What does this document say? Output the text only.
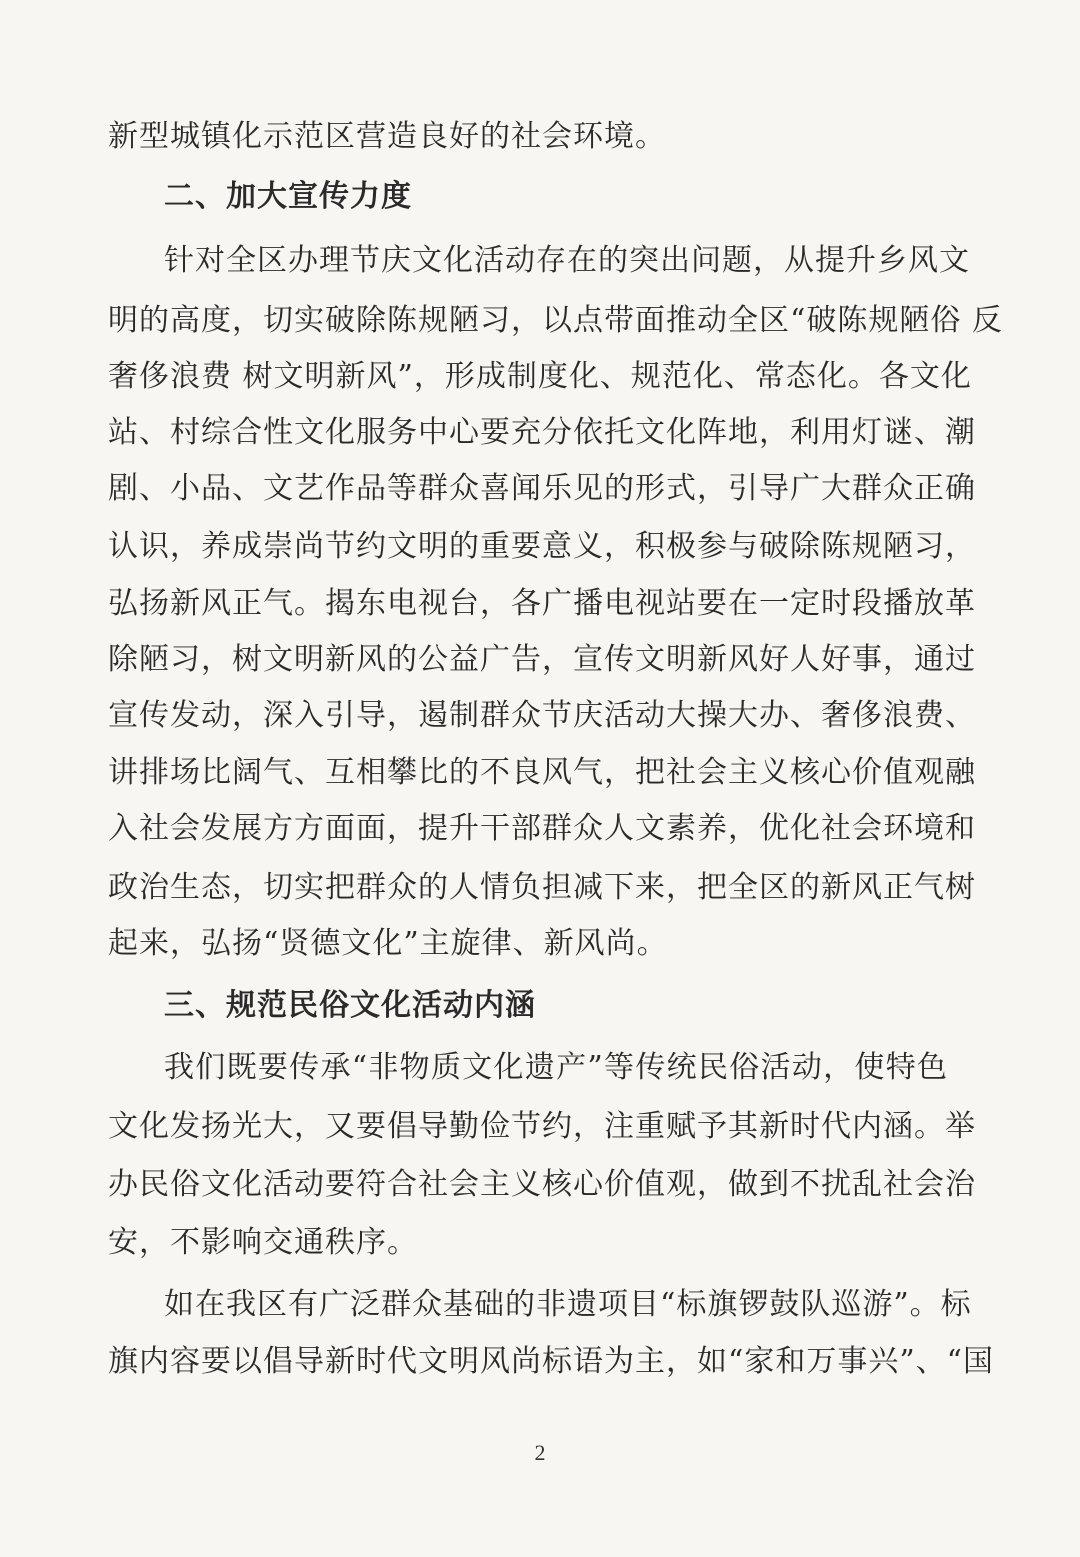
新型城镇化示范区营造良好的社会环境。
二、加大宣传力度
针对全区办理节庆文化活动存在的突出问题，从提升乡风文
明的高度，切实破除陈规陋习，以点带面推动全区“破陈规陋俗 反
奢侈浪费 树文明新风”，形成制度化、规范化、常态化。各文化
站、村综合性文化服务中心要充分依托文化阵地，利用灯谜、潮
剧、小品、文艺作品等群众喜闻乐见的形式，引导广大群众正确
认识，养成崇尚节约文明的重要意义，积极参与破除陈规陋习，
弘扬新风正气。揭东电视台，各广播电视站要在一定时段播放革
除陋习，树文明新风的公益广告，宣传文明新风好人好事，通过
宣传发动，深入引导，遏制群众节庆活动大操大办、奢侈浪费、
讲排场比阔气、互相攀比的不良风气，把社会主义核心价值观融
入社会发展方方面面，提升干部群众人文素养，优化社会环境和
政治生态，切实把群众的人情负担减下来，把全区的新风正气树
起来，弘扬“贤德文化”主旋律、新风尚。
三、规范民俗文化活动内涵
我们既要传承“非物质文化遗产”等传统民俗活动，使特色
文化发扬光大，又要倡导勤俭节约，注重赋予其新时代内涵。举
办民俗文化活动要符合社会主义核心价值观，做到不扰乱社会治
安，不影响交通秩序。
如在我区有广泛群众基础的非遗项目“标旗锣鼓队巡游”。标
旗内容要以倡导新时代文明风尚标语为主，如“家和万事兴”、“国
2
